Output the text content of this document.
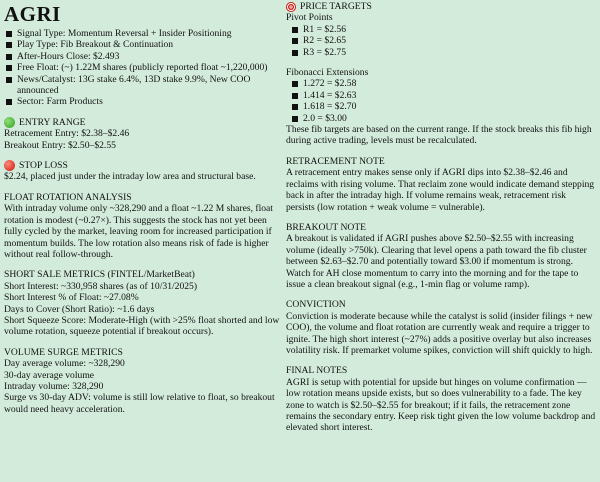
AGRI
Signal Type: Momentum Reversal + Insider Positioning
Play Type: Fib Breakout & Continuation
After-Hours Close: $2.493
Free Float: (~) 1.22M shares (publicly reported float ~1,220,000)
News/Catalyst: 13G stake 6.4%, 13D stake 9.9%, New COO announced
Sector: Farm Products
ENTRY RANGE
Retracement Entry: $2.38–$2.46
Breakout Entry: $2.50–$2.55
STOP LOSS
$2.24, placed just under the intraday low area and structural base.
FLOAT ROTATION ANALYSIS
With intraday volume only ~328,290 and a float ~1.22 M shares, float rotation is modest (~0.27×). This suggests the stock has not yet been fully cycled by the market, leaving room for increased participation if momentum builds. The low rotation also means risk of fade is higher without real follow-through.
SHORT SALE METRICS (FINTEL/MarketBeat)
Short Interest: ~330,958 shares (as of 10/31/2025)
Short Interest % of Float: ~27.08%
Days to Cover (Short Ratio): ~1.6 days
Short Squeeze Score: Moderate-High (with >25% float shorted and low volume rotation, squeeze potential if breakout occurs).
VOLUME SURGE METRICS
Day average volume: ~328,290
30-day average volume
Intraday volume: 328,290
Surge vs 30-day ADV: volume is still low relative to float, so breakout would need heavy acceleration.
PRICE TARGETS
Pivot Points
R1 = $2.56
R2 = $2.65
R3 = $2.75
Fibonacci Extensions
1.272 = $2.58
1.414 = $2.63
1.618 = $2.70
2.0 = $3.00
These fib targets are based on the current range. If the stock breaks this fib high during active trading, levels must be recalculated.
RETRACEMENT NOTE
A retracement entry makes sense only if AGRI dips into $2.38–$2.46 and reclaims with rising volume. That reclaim zone would indicate demand stepping back in after the intraday high. If volume remains weak, retracement risk persists (low rotation + weak volume = vulnerable).
BREAKOUT NOTE
A breakout is validated if AGRI pushes above $2.50–$2.55 with increasing volume (ideally >750k). Clearing that level opens a path toward the fib cluster between $2.63–$2.70 and potentially toward $3.00 if momentum is strong. Watch for AH close momentum to carry into the morning and for the tape to issue a clean breakout signal (e.g., 1-min flag or volume ramp).
CONVICTION
Conviction is moderate because while the catalyst is solid (insider filings + new COO), the volume and float rotation are currently weak and require a trigger to ignite. The high short interest (~27%) adds a positive overlay but also increases volatility risk. If premarket volume spikes, conviction will shift quickly to high.
FINAL NOTES
AGRI is setup with potential for upside but hinges on volume confirmation — low rotation means upside exists, but so does vulnerability to a fade. The key zone to watch is $2.50–$2.55 for breakout; if it fails, the retracement zone remains the secondary entry. Keep risk tight given the low volume backdrop and elevated short interest.
